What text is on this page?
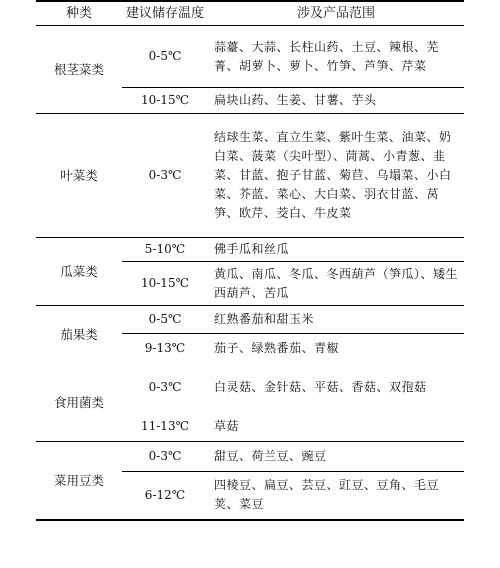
种类	建议储存温度	涉及产品范围
根茎菜类	0-5℃	蒜薹、大蒜、长柱山药、土豆、辣根、芜菁、胡萝卜、萝卜、竹笋、芦笋、芹菜
	10-15℃	扁块山药、生姜、甘薯、芋头
叶菜类	0-3℃	结球生菜、直立生菜、紫叶生菜、油菜、奶白菜、菠菜（尖叶型）、茼蒿、小青葱、韭菜、甘蓝、抱子甘蓝、菊苣、乌塌菜、小白菜、芥蓝、菜心、大白菜、羽衣甘蓝、莴笋、欧芹、茭白、牛皮菜
瓜菜类	5-10℃	佛手瓜和丝瓜
	10-15℃	黄瓜、南瓜、冬瓜、冬西葫芦（笋瓜）、矮生西葫芦、苦瓜
茄果类	0-5℃	红熟番茄和甜玉米
	9-13℃	茄子、绿熟番茄、青椒
食用菌类	0-3℃	白灵菇、金针菇、平菇、香菇、双孢菇
	11-13℃	草菇
菜用豆类	0-3℃	甜豆、荷兰豆、豌豆
	6-12℃	四棱豆、扁豆、芸豆、豇豆、豆角、毛豆荚、菜豆
